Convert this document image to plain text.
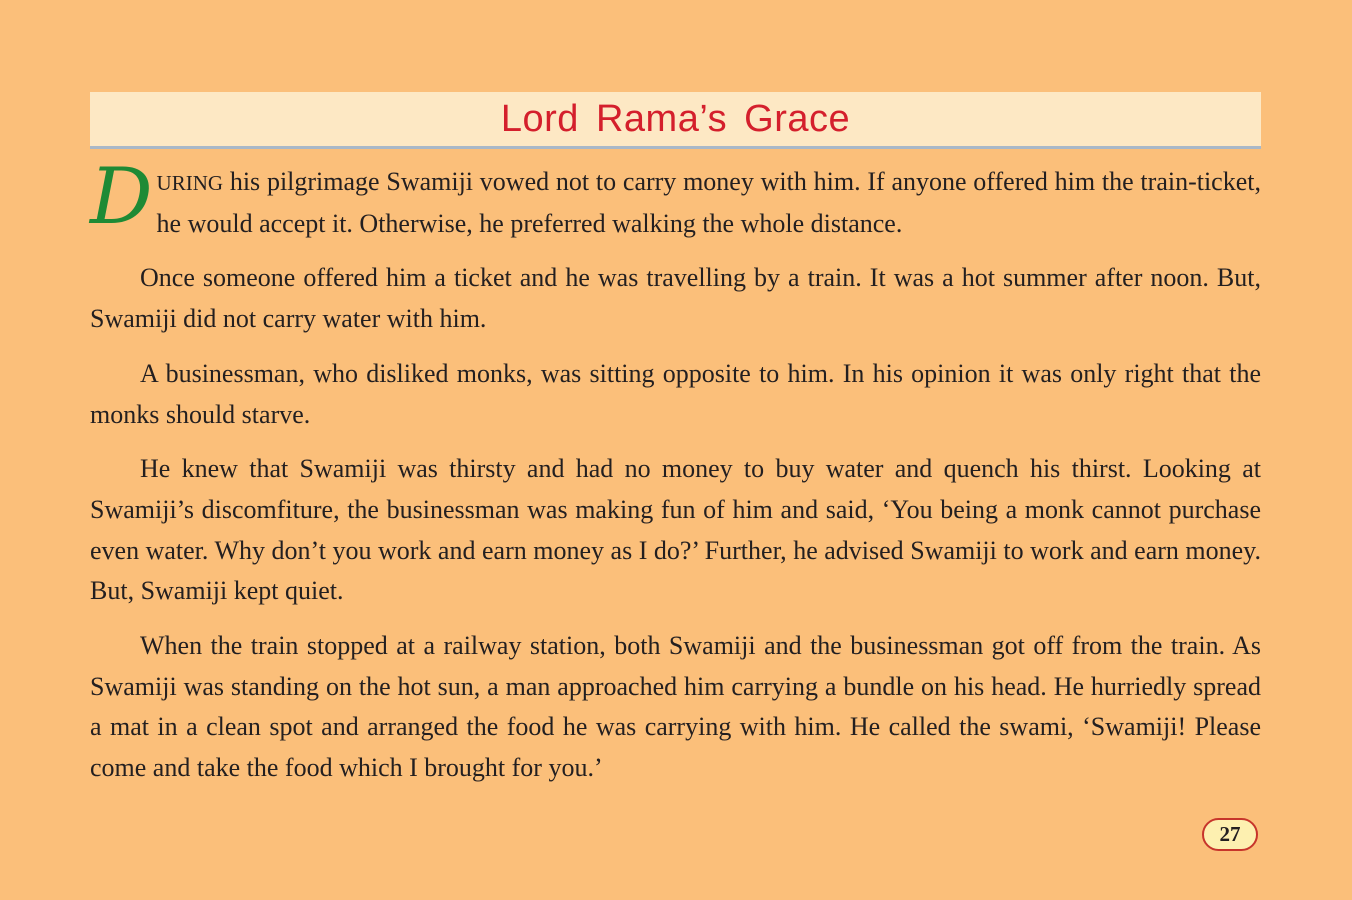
Lord Rama’s Grace

DURING his pilgrimage Swamiji vowed not to carry money with him. If anyone offered him the train-ticket, he would accept it. Otherwise, he preferred walking the whole distance.

Once someone offered him a ticket and he was travelling by a train. It was a hot summer after noon. But, Swamiji did not carry water with him.

A businessman, who disliked monks, was sitting opposite to him. In his opinion it was only right that the monks should starve.

He knew that Swamiji was thirsty and had no money to buy water and quench his thirst. Looking at Swamiji’s discomfiture, the businessman was making fun of him and said, ‘You being a monk cannot purchase even water. Why don’t you work and earn money as I do?’ Further, he advised Swamiji to work and earn money. But, Swamiji kept quiet.

When the train stopped at a railway station, both Swamiji and the businessman got off from the train. As Swamiji was standing on the hot sun, a man approached him carrying a bundle on his head. He hurriedly spread a mat in a clean spot and arranged the food he was carrying with him. He called the swami, ‘Swamiji! Please come and take the food which I brought for you.’

27
